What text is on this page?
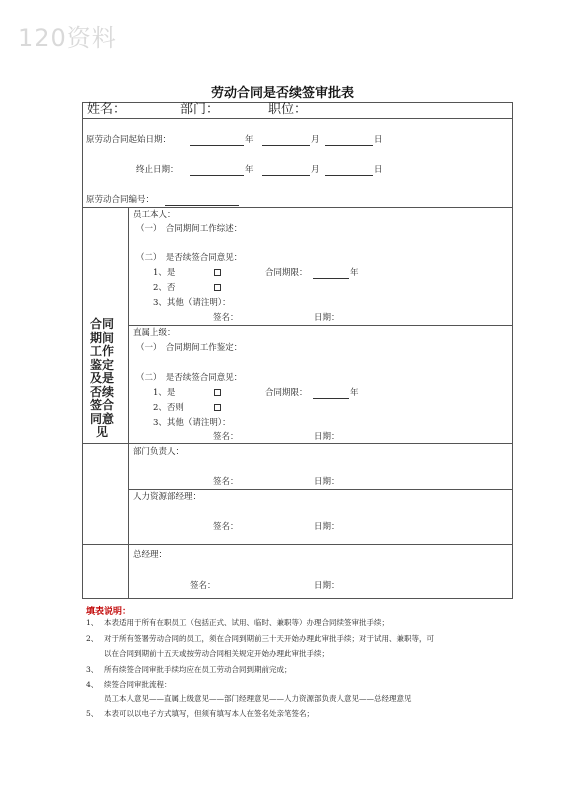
120资料
劳动合同是否续签审批表
姓名：	部门：	职位：
原劳动合同起始日期：	年	月	日
终止日期：	年	月	日
原劳动合同编号：
合同期间工作鉴定及是否续签合同意见
员工本人：
（一）　合同期间工作综述：
（二）　是否续签合同意见：
1、是	合同期限：	年
2、否
3、其他（请注明）：
签名：	日期：
直属上级：
（一）　合同期间工作鉴定：
（二）　是否续签合同意见：
1、是	合同期限：	年
2、否则
3、其他（请注明）：
签名：	日期：
部门负责人：
签名：	日期：
人力资源部经理：
签名：	日期：
总经理：
签名：	日期：
填表说明：
1、 本表适用于所有在职员工（包括正式、试用、临时、兼职等）办理合同续签审批手续；
2、 对于所有签署劳动合同的员工，须在合同到期前三十天开始办理此审批手续；对于试用、兼职等，可
以在合同到期前十五天或按劳动合同相关规定开始办理此审批手续；
3、 所有续签合同审批手续均应在员工劳动合同到期前完成；
4、 续签合同审批流程：
员工本人意见——直属上级意见——部门经理意见——人力资源部负责人意见——总经理意见
5、 本表可以以电子方式填写，但须有填写本人在签名处亲笔签名；
